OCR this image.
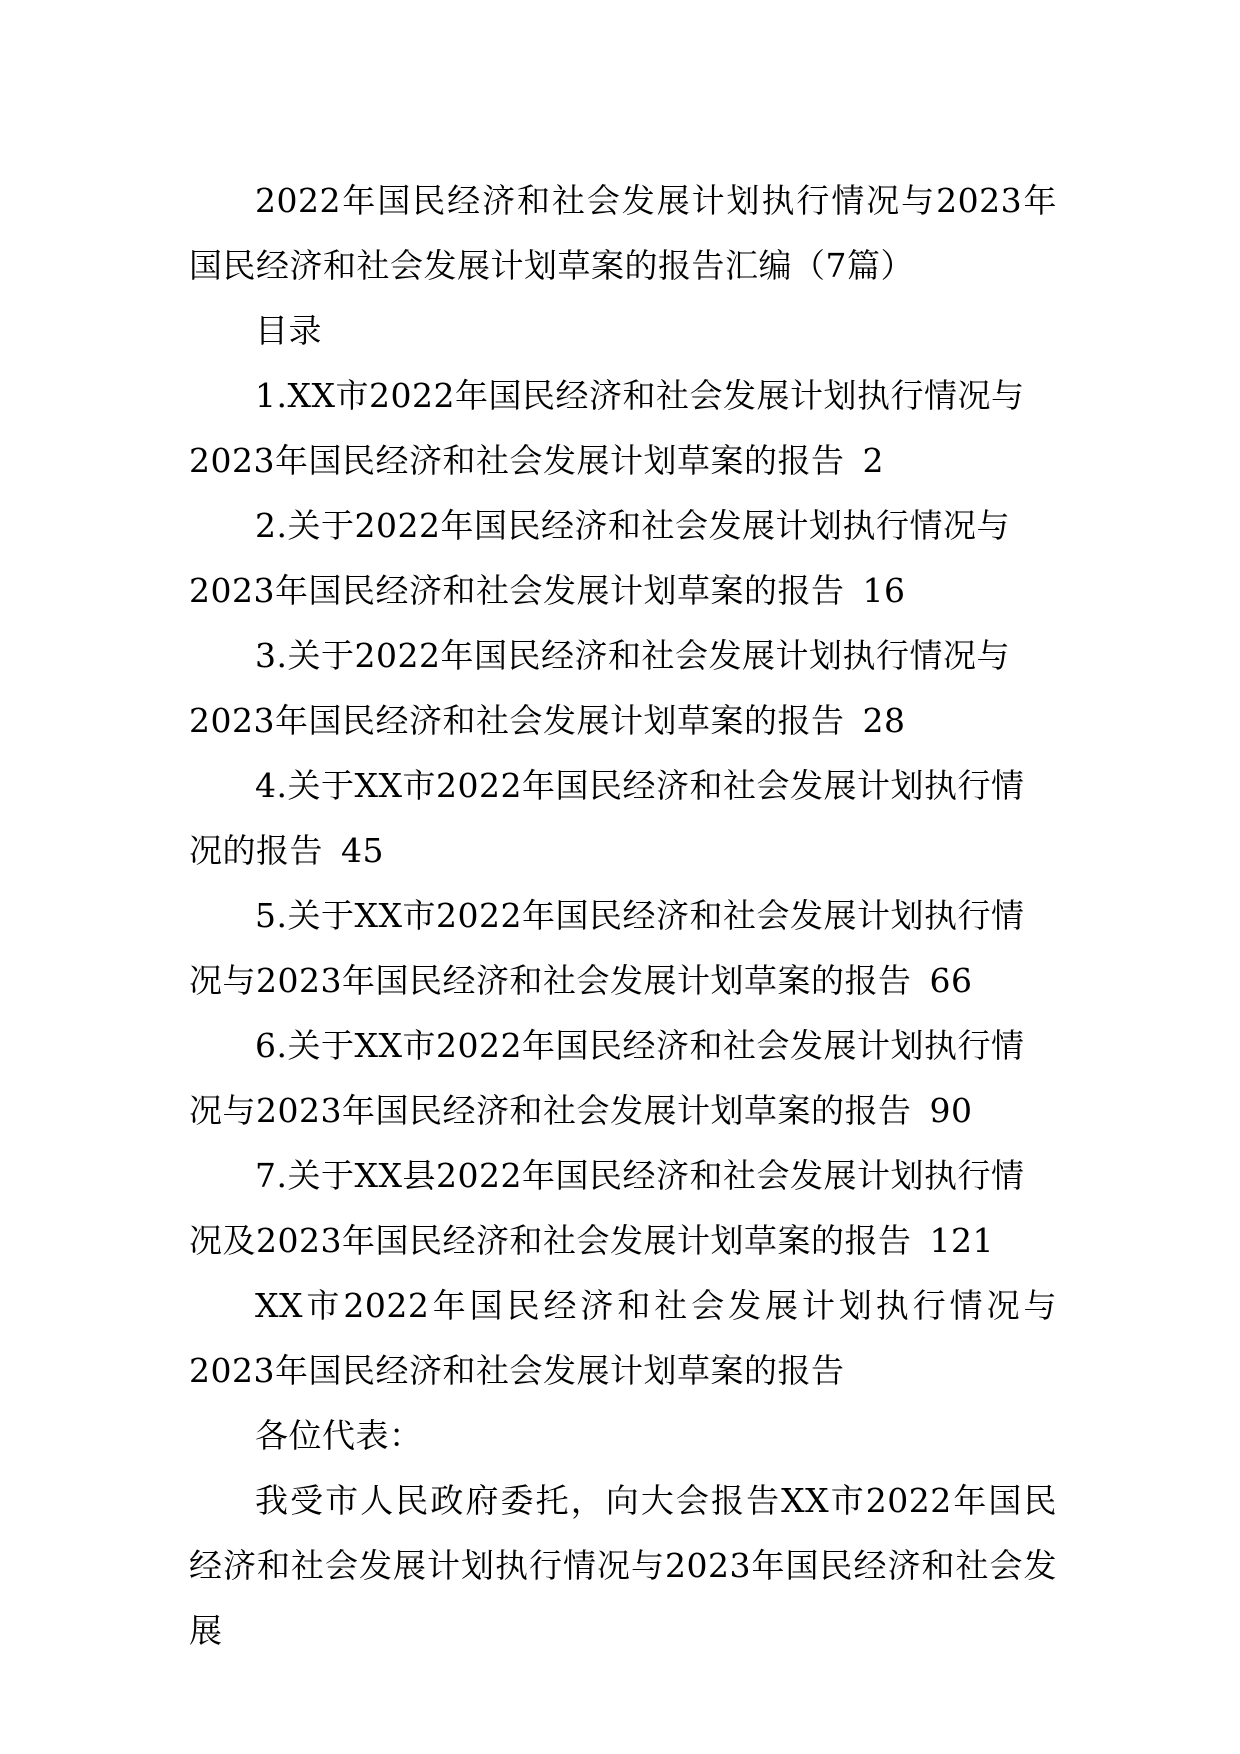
2022年国民经济和社会发展计划执行情况与2023年国民经济和社会发展计划草案的报告汇编（7篇）

目录

1.XX市2022年国民经济和社会发展计划执行情况与2023年国民经济和社会发展计划草案的报告 2

2.关于2022年国民经济和社会发展计划执行情况与2023年国民经济和社会发展计划草案的报告 16

3.关于2022年国民经济和社会发展计划执行情况与2023年国民经济和社会发展计划草案的报告 28

4.关于XX市2022年国民经济和社会发展计划执行情况的报告 45

5.关于XX市2022年国民经济和社会发展计划执行情况与2023年国民经济和社会发展计划草案的报告 66

6.关于XX市2022年国民经济和社会发展计划执行情况与2023年国民经济和社会发展计划草案的报告 90

7.关于XX县2022年国民经济和社会发展计划执行情况及2023年国民经济和社会发展计划草案的报告 121

XX市2022年国民经济和社会发展计划执行情况与2023年国民经济和社会发展计划草案的报告

各位代表：

我受市人民政府委托，向大会报告XX市2022年国民经济和社会发展计划执行情况与2023年国民经济和社会发展
